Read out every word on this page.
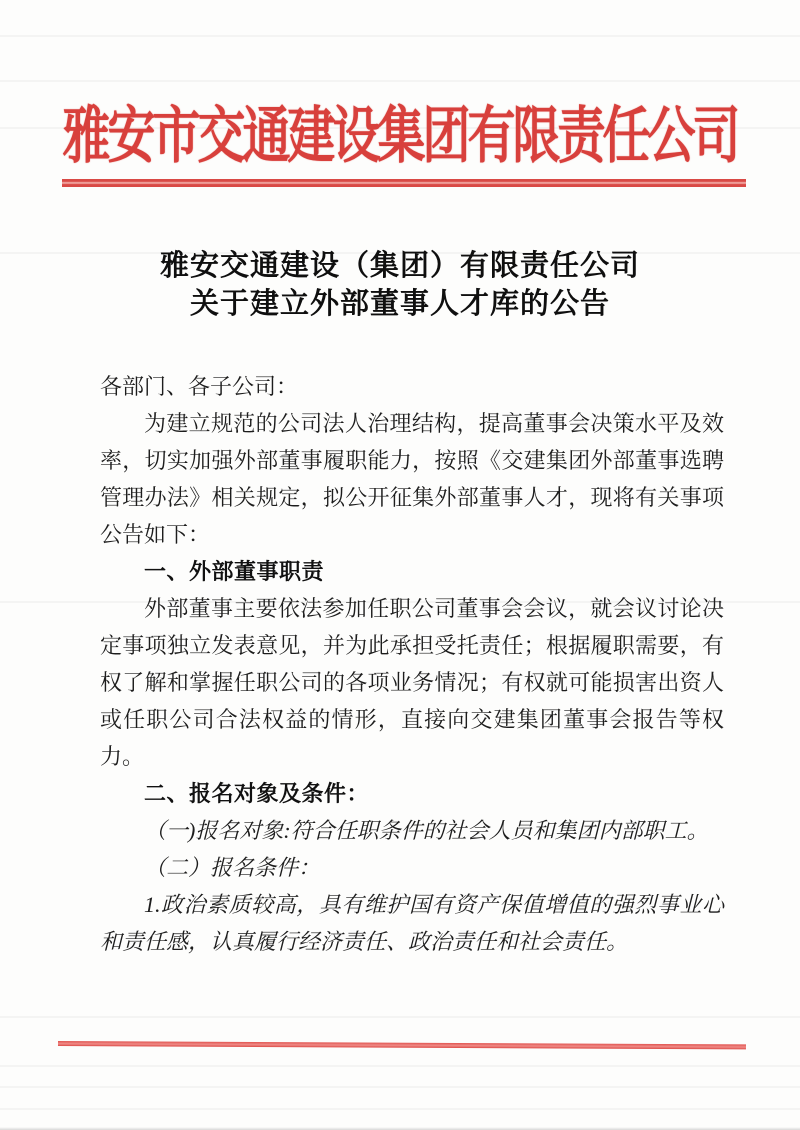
雅安市交通建设集团有限责任公司
雅安交通建设（集团）有限责任公司
关于建立外部董事人才库的公告

各部门、各子公司：

为建立规范的公司法人治理结构，提高董事会决策水平及效率，切实加强外部董事履职能力，按照《交建集团外部董事选聘管理办法》相关规定，拟公开征集外部董事人才，现将有关事项公告如下：

一、外部董事职责

外部董事主要依法参加任职公司董事会会议，就会议讨论决定事项独立发表意见，并为此承担受托责任；根据履职需要，有权了解和掌握任职公司的各项业务情况；有权就可能损害出资人或任职公司合法权益的情形，直接向交建集团董事会报告等权力。

二、报名对象及条件：

（一)报名对象:符合任职条件的社会人员和集团内部职工。

（二）报名条件：

1.政治素质较高，具有维护国有资产保值增值的强烈事业心和责任感，认真履行经济责任、政治责任和社会责任。
